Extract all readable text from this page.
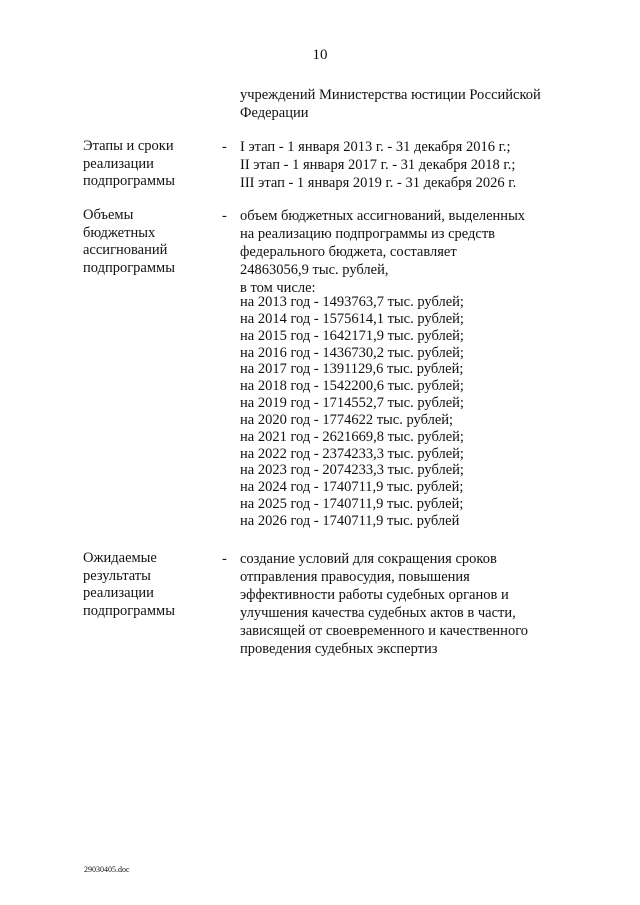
10
учреждений Министерства юстиции Российской
Федерации
Этапы и сроки
реализации
подпрограммы
- I этап - 1 января 2013 г. - 31 декабря 2016 г.;
II этап - 1 января 2017 г. - 31 декабря 2018 г.;
III этап - 1 января 2019 г. - 31 декабря 2026 г.
Объемы
бюджетных
ассигнований
подпрограммы
- объем бюджетных ассигнований, выделенных
на реализацию подпрограммы из средств
федерального бюджета, составляет
24863056,9 тыс. рублей,
в том числе:
на 2013 год - 1493763,7 тыс. рублей;
на 2014 год - 1575614,1 тыс. рублей;
на 2015 год - 1642171,9 тыс. рублей;
на 2016 год - 1436730,2 тыс. рублей;
на 2017 год - 1391129,6 тыс. рублей;
на 2018 год - 1542200,6 тыс. рублей;
на 2019 год - 1714552,7 тыс. рублей;
на 2020 год - 1774622 тыс. рублей;
на 2021 год - 2621669,8 тыс. рублей;
на 2022 год - 2374233,3 тыс. рублей;
на 2023 год - 2074233,3 тыс. рублей;
на 2024 год - 1740711,9 тыс. рублей;
на 2025 год - 1740711,9 тыс. рублей;
на 2026 год - 1740711,9 тыс. рублей
Ожидаемые
результаты
реализации
подпрограммы
- создание условий для сокращения сроков
отправления правосудия, повышения
эффективности работы судебных органов и
улучшения качества судебных актов в части,
зависящей от своевременного и качественного
проведения судебных экспертиз
29030405.doc
